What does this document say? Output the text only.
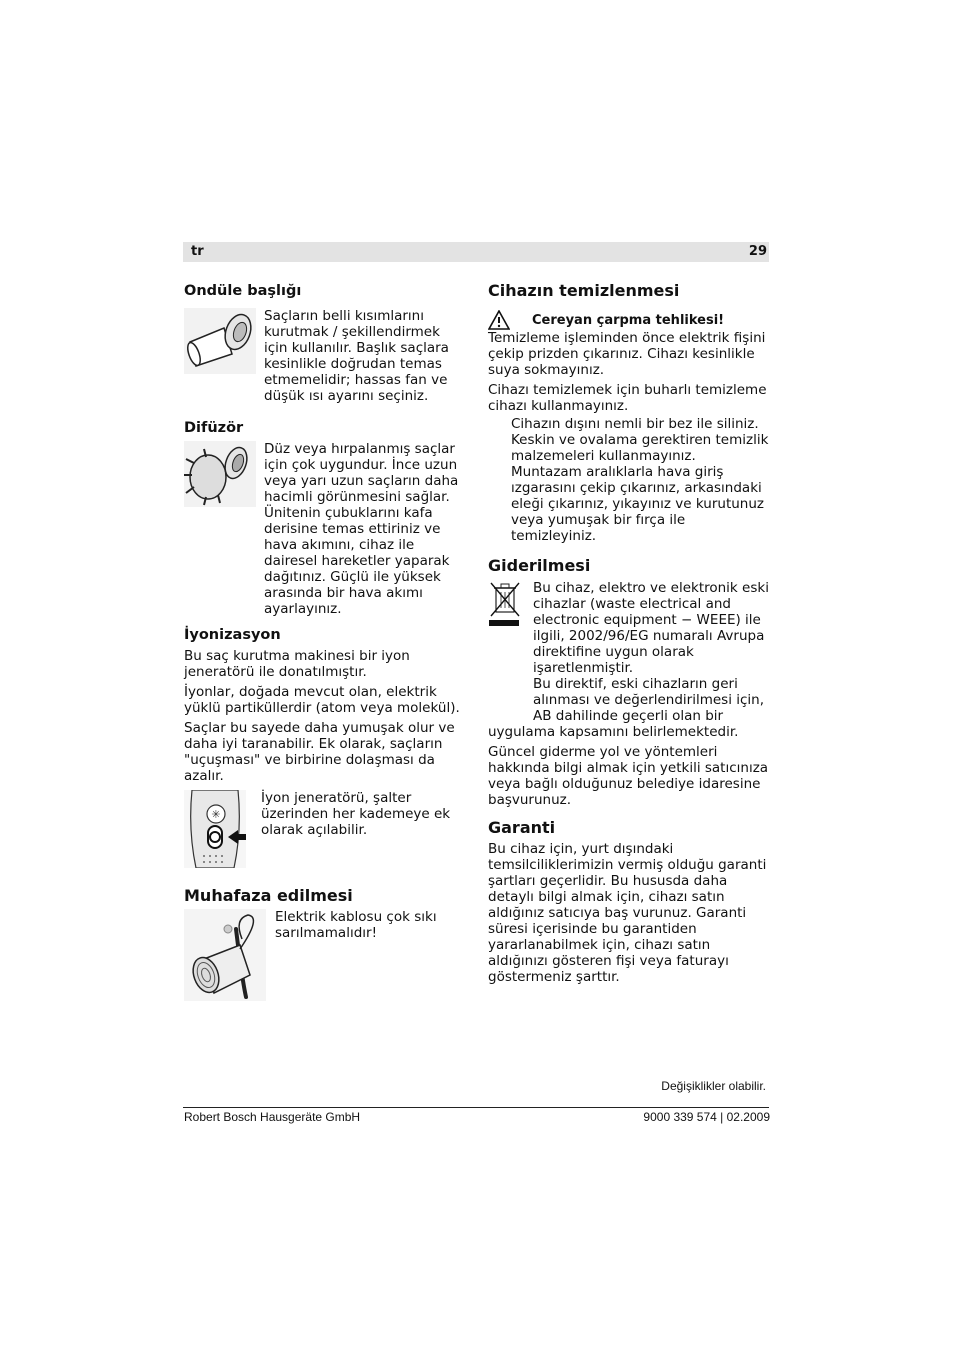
tr	29
Ondüle başlığı
Saçların belli kısımlarını kurutmak / şekillendirmek için kullanılır. Başlık saçlara kesinlikle doğrudan temas etmemelidir; hassas fan ve düşük ısı ayarını seçiniz.
Difüzör
Düz veya hırpalanmış saçlar için çok uygundur. İnce uzun veya yarı uzun saçların daha hacimli görünmesini sağlar. Ünitenin çubuklarını kafa derisine temas ettiriniz ve hava akımını, cihaz ile dairesel hareketler yaparak dağıtınız. Güçlü ile yüksek arasında bir hava akımı ayarlayınız.
İyonizasyon

Bu saç kurutma makinesi bir iyon jeneratörü ile donatılmıştır.

İyonlar, doğada mevcut olan, elektrik yüklü partiküllerdir (atom veya molekül).

Saçlar bu sayede daha yumuşak olur ve daha iyi taranabilir. Ek olarak, saçların "uçuşması" ve birbirine dolaşması da azalır.

✳
İyon jeneratörü, şalter üzerinden her kademeye ek olarak açılabilir.
Muhafaza edilmesi
Elektrik kablosu çok sıkı sarılmamalıdır!
Cihazın temizlenmesi
Cereyan çarpma tehlikesi!

Temizleme işleminden önce elektrik fişini çekip prizden çıkarınız. Cihazı kesinlikle suya sokmayınız.

Cihazı temizlemek için buharlı temizleme cihazı kullanmayınız.

Cihazın dışını nemli bir bez ile siliniz. Keskin ve ovalama gerektiren temizlik malzemeleri kullanmayınız.

Muntazam aralıklarla hava giriş ızgarasını çekip çıkarınız, arkasındaki eleği çıkarınız, yıkayınız ve kurutunuz veya yumuşak bir fırça ile temizleyiniz.

Giderilmesi

Bu cihaz, elektro ve elektronik eski cihazlar (waste electrical and electronic equipment − WEEE) ile ilgili, 2002/96/EG numaralı Avrupa direktifine uygun olarak işaretlenmiştir.

Bu direktif, eski cihazların geri alınması ve değerlendirilmesi için, AB dahilinde geçerli olan bir

uygulama kapsamını belirlemektedir.

Güncel giderme yol ve yöntemleri hakkında bilgi almak için yetkili satıcınıza veya bağlı olduğunuz belediye idaresine başvurunuz.

Garanti

Bu cihaz için, yurt dışındaki temsilciliklerimizin vermiş olduğu garanti şartları geçerlidir. Bu hususda daha detaylı bilgi almak için, cihazı satın aldığınız satıcıya baş vurunuz. Garanti süresi içerisinde bu garantiden yararlanabilmek için, cihazı satın aldığınızı gösteren fişi veya faturayı göstermeniz şarttır.

Değişiklikler olabilir.
Robert Bosch Hausgeräte GmbH	9000 339 574 | 02.2009
